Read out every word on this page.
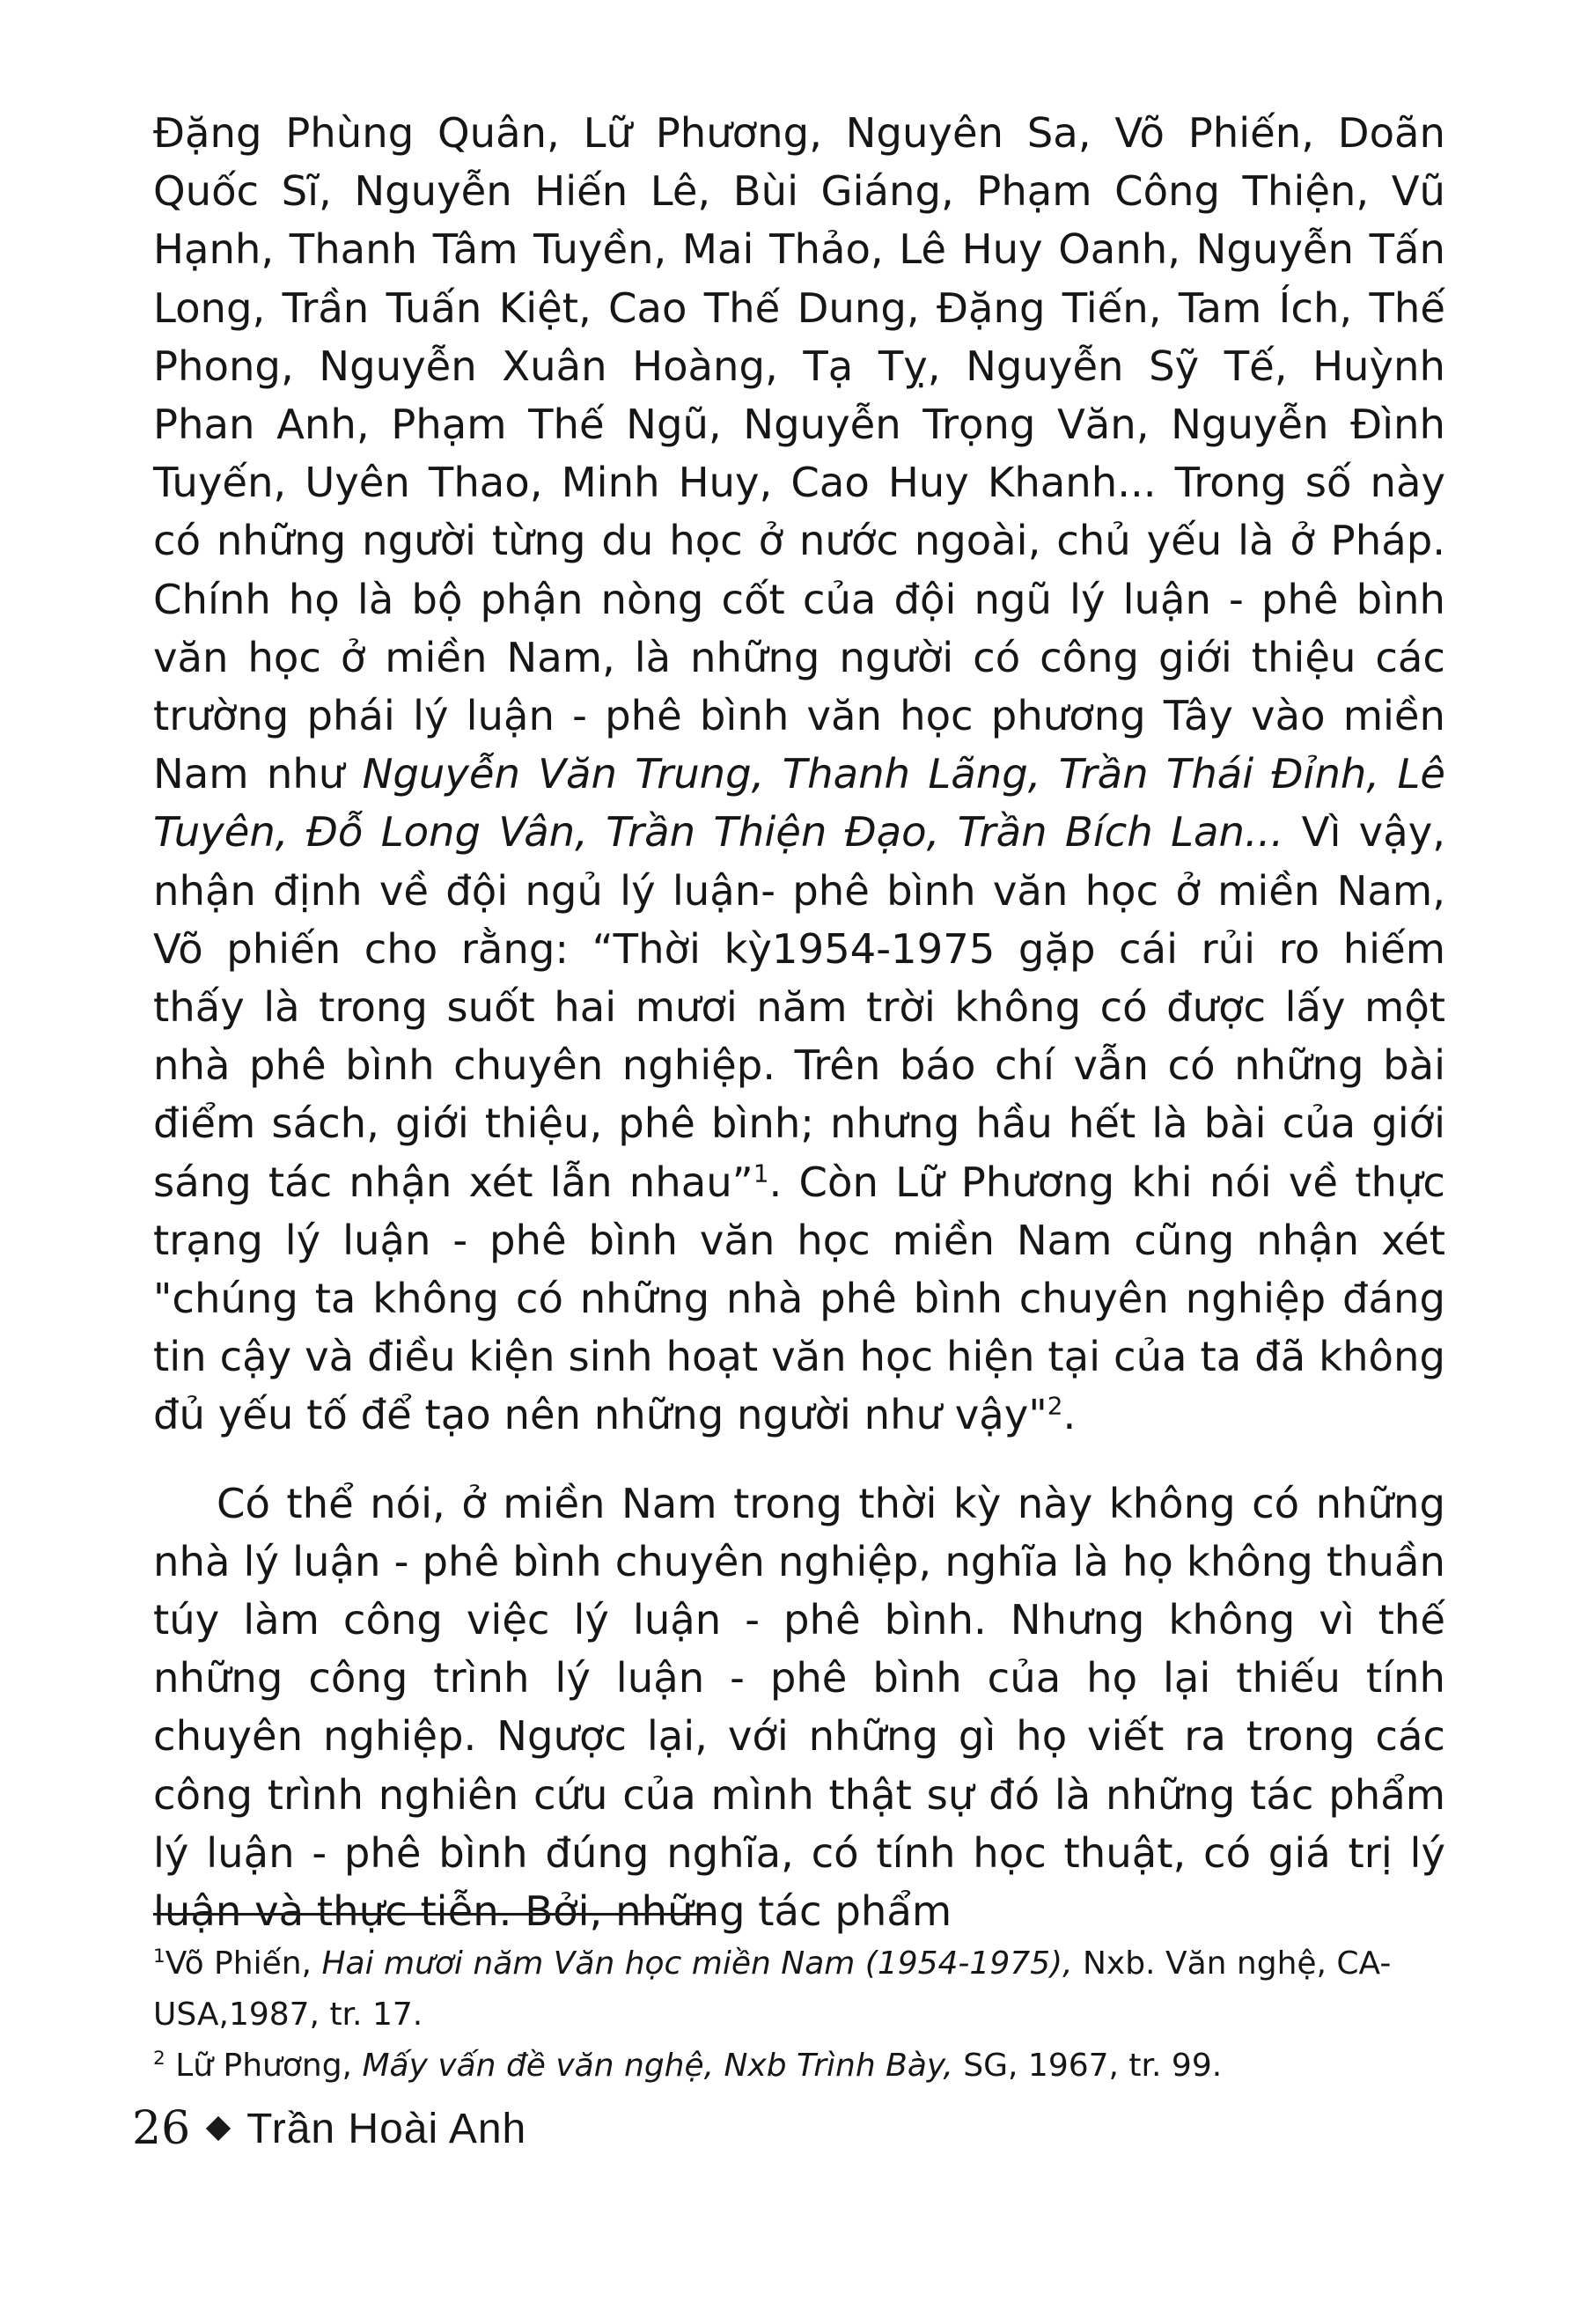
Đặng Phùng Quân, Lữ Phương, Nguyên Sa, Võ Phiến, Doãn Quốc Sĩ, Nguyễn Hiến Lê, Bùi Giáng, Phạm Công Thiện, Vũ Hạnh, Thanh Tâm Tuyền, Mai Thảo, Lê Huy Oanh, Nguyễn Tấn Long, Trần Tuấn Kiệt, Cao Thế Dung, Đặng Tiến, Tam Ích, Thế Phong, Nguyễn Xuân Hoàng, Tạ Tỵ, Nguyễn Sỹ Tế, Huỳnh Phan Anh, Phạm Thế Ngũ, Nguyễn Trọng Văn, Nguyễn Đình Tuyến, Uyên Thao, Minh Huy, Cao Huy Khanh... Trong số này có những người từng du học ở nước ngoài, chủ yếu là ở Pháp. Chính họ là bộ phận nòng cốt của đội ngũ lý luận - phê bình văn học ở miền Nam, là những người có công giới thiệu các trường phái lý luận - phê bình văn học phương Tây vào miền Nam như Nguyễn Văn Trung, Thanh Lãng, Trần Thái Đỉnh, Lê Tuyên, Đỗ Long Vân, Trần Thiện Đạo, Trần Bích Lan... Vì vậy, nhận định về đội ngủ lý luận- phê bình văn học ở miền Nam, Võ phiến cho rằng: “Thời kỳ1954-1975 gặp cái rủi ro hiếm thấy là trong suốt hai mươi năm trời không có được lấy một nhà phê bình chuyên nghiệp. Trên báo chí vẫn có những bài điểm sách, giới thiệu, phê bình; nhưng hầu hết là bài của giới sáng tác nhận xét lẫn nhau”$^1$. Còn Lữ Phương khi nói về thực trạng lý luận - phê bình văn học miền Nam cũng nhận xét "chúng ta không có những nhà phê bình chuyên nghiệp đáng tin cậy và điều kiện sinh hoạt văn học hiện tại của ta đã không đủ yếu tố để tạo nên những người như vậy"$^2$.

Có thể nói, ở miền Nam trong thời kỳ này không có những nhà lý luận - phê bình chuyên nghiệp, nghĩa là họ không thuần túy làm công việc lý luận - phê bình. Nhưng không vì thế những công trình lý luận - phê bình của họ lại thiếu tính chuyên nghiệp. Ngược lại, với những gì họ viết ra trong các công trình nghiên cứu của mình thật sự đó là những tác phẩm lý luận - phê bình đúng nghĩa, có tính học thuật, có giá trị lý luận và thực tiễn. Bởi, những tác phẩm

$^1$Võ Phiến, Hai mươi năm Văn học miền Nam (1954-1975), Nxb. Văn nghệ, CA-USA,1987, tr. 17.

$^2$ Lữ Phương, Mấy vấn đề văn nghệ, Nxb Trình Bày, SG, 1967, tr. 99.

26 Trần Hoài Anh
